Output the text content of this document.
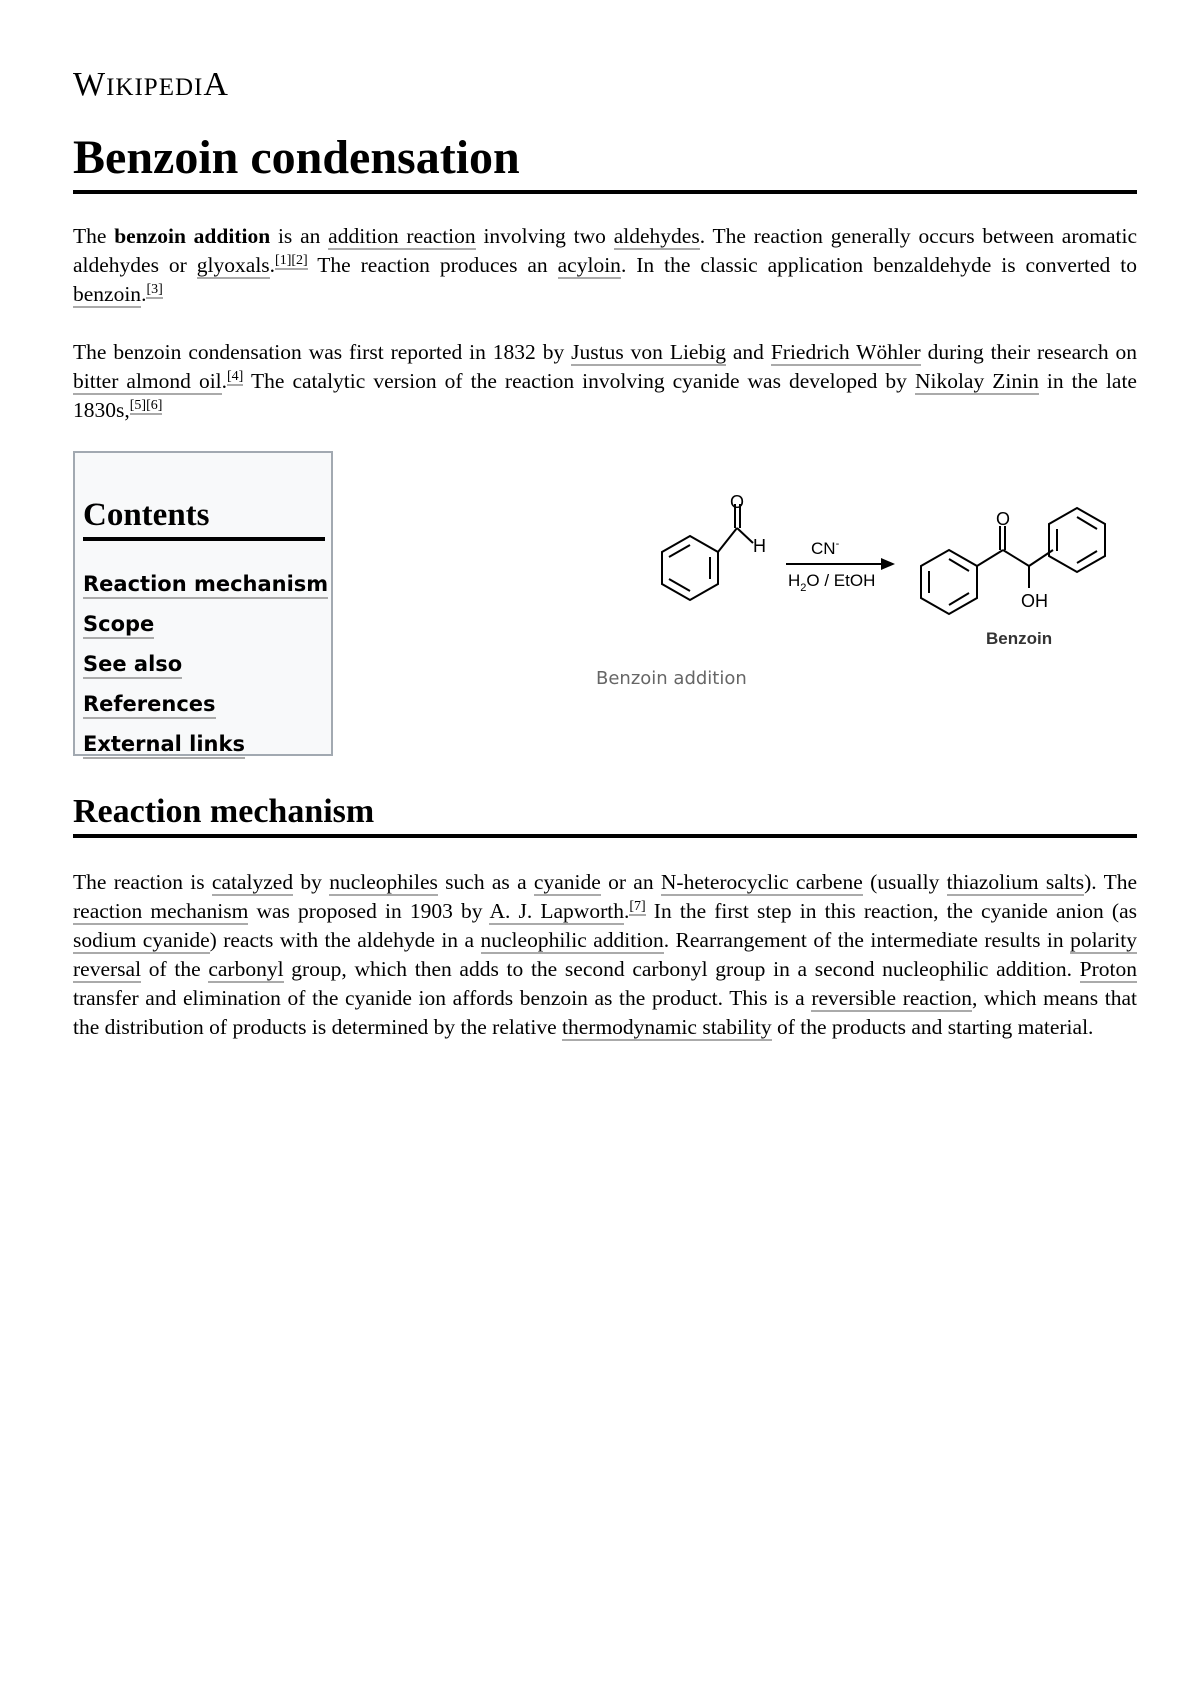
WIKIPEDIA
Benzoin condensation

The benzoin addition is an addition reaction involving two aldehydes. The reaction generally occurs between aromatic aldehydes or glyoxals.[1][2] The reaction produces an acyloin. In the classic application benzaldehyde is converted to benzoin.[3]

The benzoin condensation was first reported in 1832 by Justus von Liebig and Friedrich Wöhler during their research on bitter almond oil.[4] The catalytic version of the reaction involving cyanide was developed by Nikolay Zinin in the late 1830s,[5][6]

Contents
Reaction mechanism
Scope
See also
References
External links
O
H	CN-
$H_2O$ / EtOH
O
OH
Benzoin
Benzoin addition
Reaction mechanism

The reaction is catalyzed by nucleophiles such as a cyanide or an N-heterocyclic carbene (usually thiazolium salts). The reaction mechanism was proposed in 1903 by A. J. Lapworth.[7] In the first step in this reaction, the cyanide anion (as sodium cyanide) reacts with the aldehyde in a nucleophilic addition. Rearrangement of the intermediate results in polarity reversal of the carbonyl group, which then adds to the second carbonyl group in a second nucleophilic addition. Proton transfer and elimination of the cyanide ion affords benzoin as the product. This is a reversible reaction, which means that the distribution of products is determined by the relative thermodynamic stability of the products and starting material.
